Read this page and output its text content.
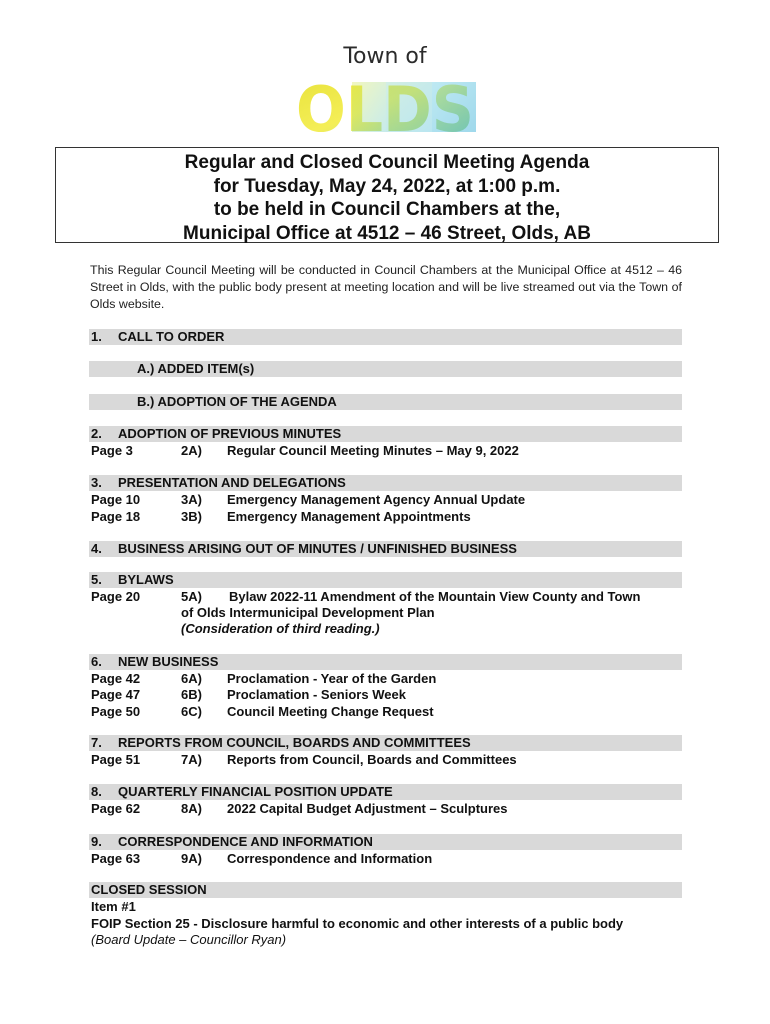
Town of
OLDS
Regular and Closed Council Meeting Agenda
for Tuesday, May 24, 2022, at 1:00 p.m.
to be held in Council Chambers at the,
Municipal Office at 4512 – 46 Street, Olds, AB
This Regular Council Meeting will be conducted in Council Chambers at the Municipal Office at 4512 – 46 Street in Olds, with the public body present at meeting location and will be live streamed out via the Town of Olds website.
1. CALL TO ORDER
A.) ADDED ITEM(s)
B.) ADOPTION OF THE AGENDA
2. ADOPTION OF PREVIOUS MINUTES
Page 3	2A) Regular Council Meeting Minutes – May 9, 2022
3. PRESENTATION AND DELEGATIONS
Page 10	3A) Emergency Management Agency Annual Update
Page 18	3B) Emergency Management Appointments
4. BUSINESS ARISING OUT OF MINUTES / UNFINISHED BUSINESS
5. BYLAWS
Page 20	5A) Bylaw 2022-11 Amendment of the Mountain View County and Town
of Olds Intermunicipal Development Plan
(Consideration of third reading.)
6. NEW BUSINESS
Page 42	6A) Proclamation - Year of the Garden
Page 47	6B) Proclamation - Seniors Week
Page 50	6C) Council Meeting Change Request
7. REPORTS FROM COUNCIL, BOARDS AND COMMITTEES
Page 51	7A) Reports from Council, Boards and Committees
8. QUARTERLY FINANCIAL POSITION UPDATE
Page 62	8A) 2022 Capital Budget Adjustment – Sculptures
9. CORRESPONDENCE AND INFORMATION
Page 63	9A) Correspondence and Information
CLOSED SESSION
Item #1
FOIP Section 25 - Disclosure harmful to economic and other interests of a public body
(Board Update – Councillor Ryan)
